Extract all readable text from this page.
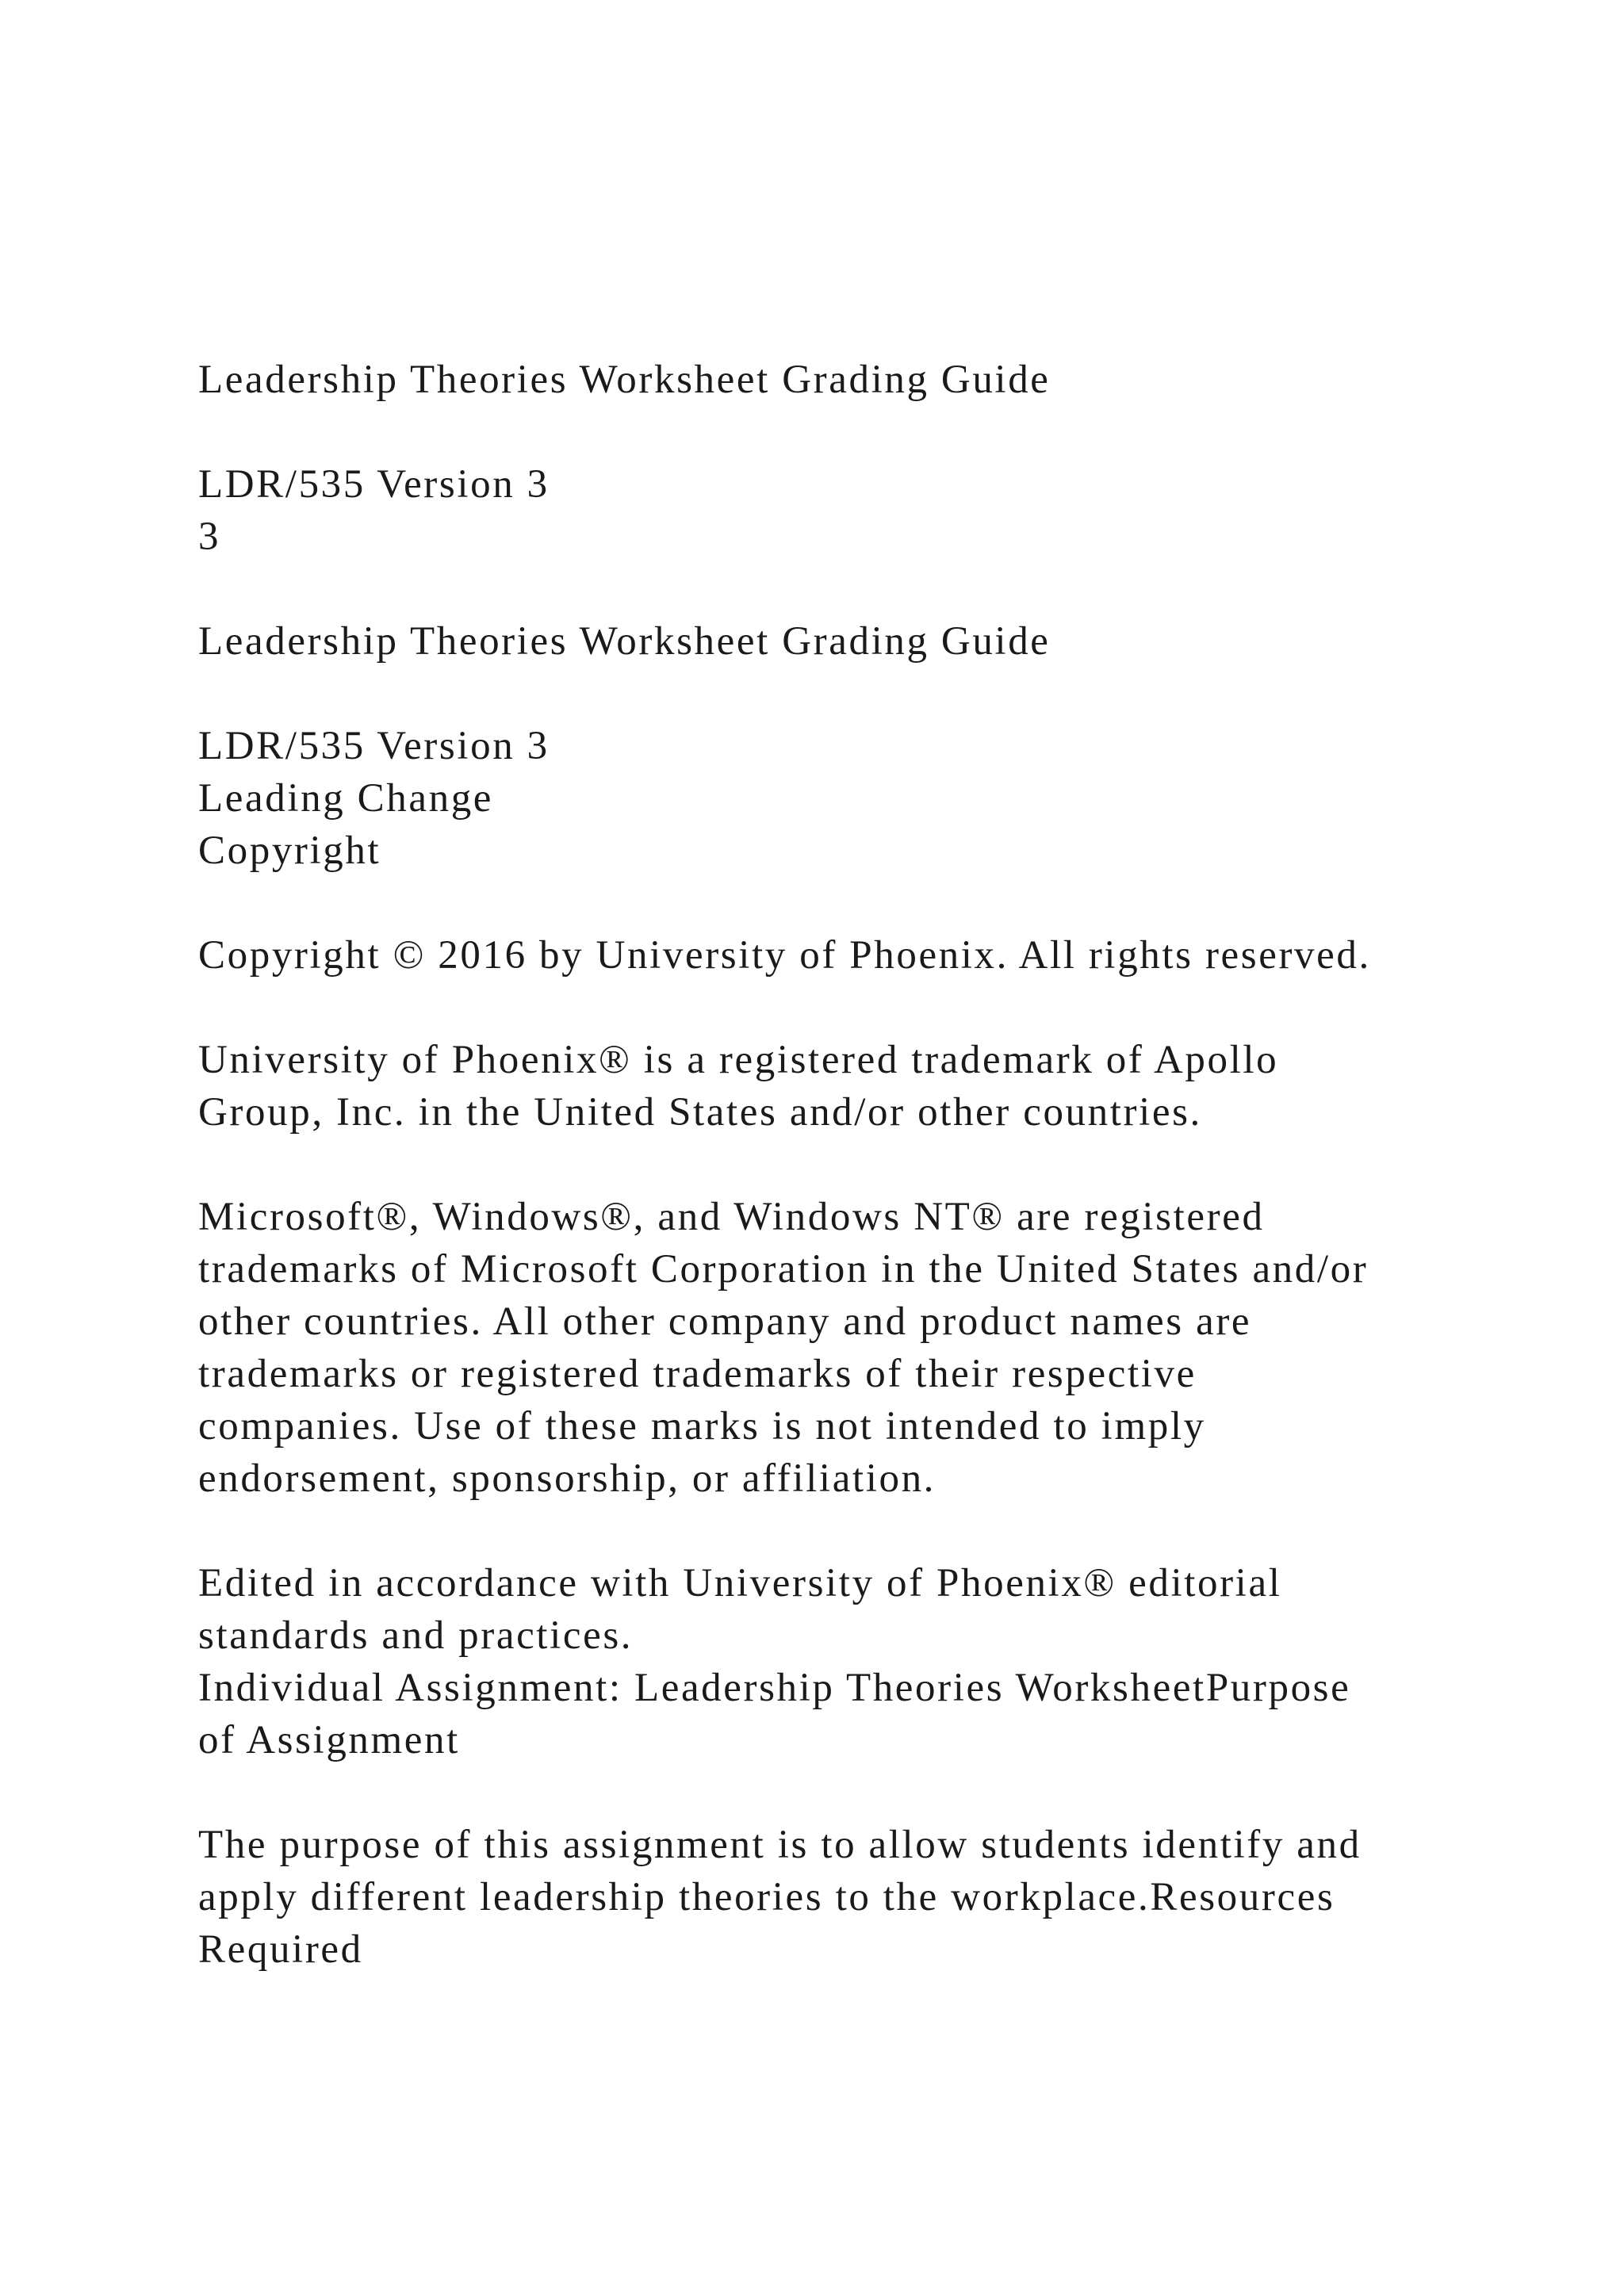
Leadership Theories Worksheet Grading Guide

LDR/535 Version 3

3

Leadership Theories Worksheet Grading Guide

LDR/535 Version 3

Leading Change

Copyright

Copyright © 2016 by University of Phoenix. All rights reserved.

University of Phoenix® is a registered trademark of Apollo

Group, Inc. in the United States and/or other countries.

Microsoft®, Windows®, and Windows NT® are registered

trademarks of Microsoft Corporation in the United States and/or

other countries. All other company and product names are

trademarks or registered trademarks of their respective

companies. Use of these marks is not intended to imply

endorsement, sponsorship, or affiliation.

Edited in accordance with University of Phoenix® editorial

standards and practices.

Individual Assignment: Leadership Theories WorksheetPurpose

of Assignment

The purpose of this assignment is to allow students identify and

apply different leadership theories to the workplace.Resources

Required
